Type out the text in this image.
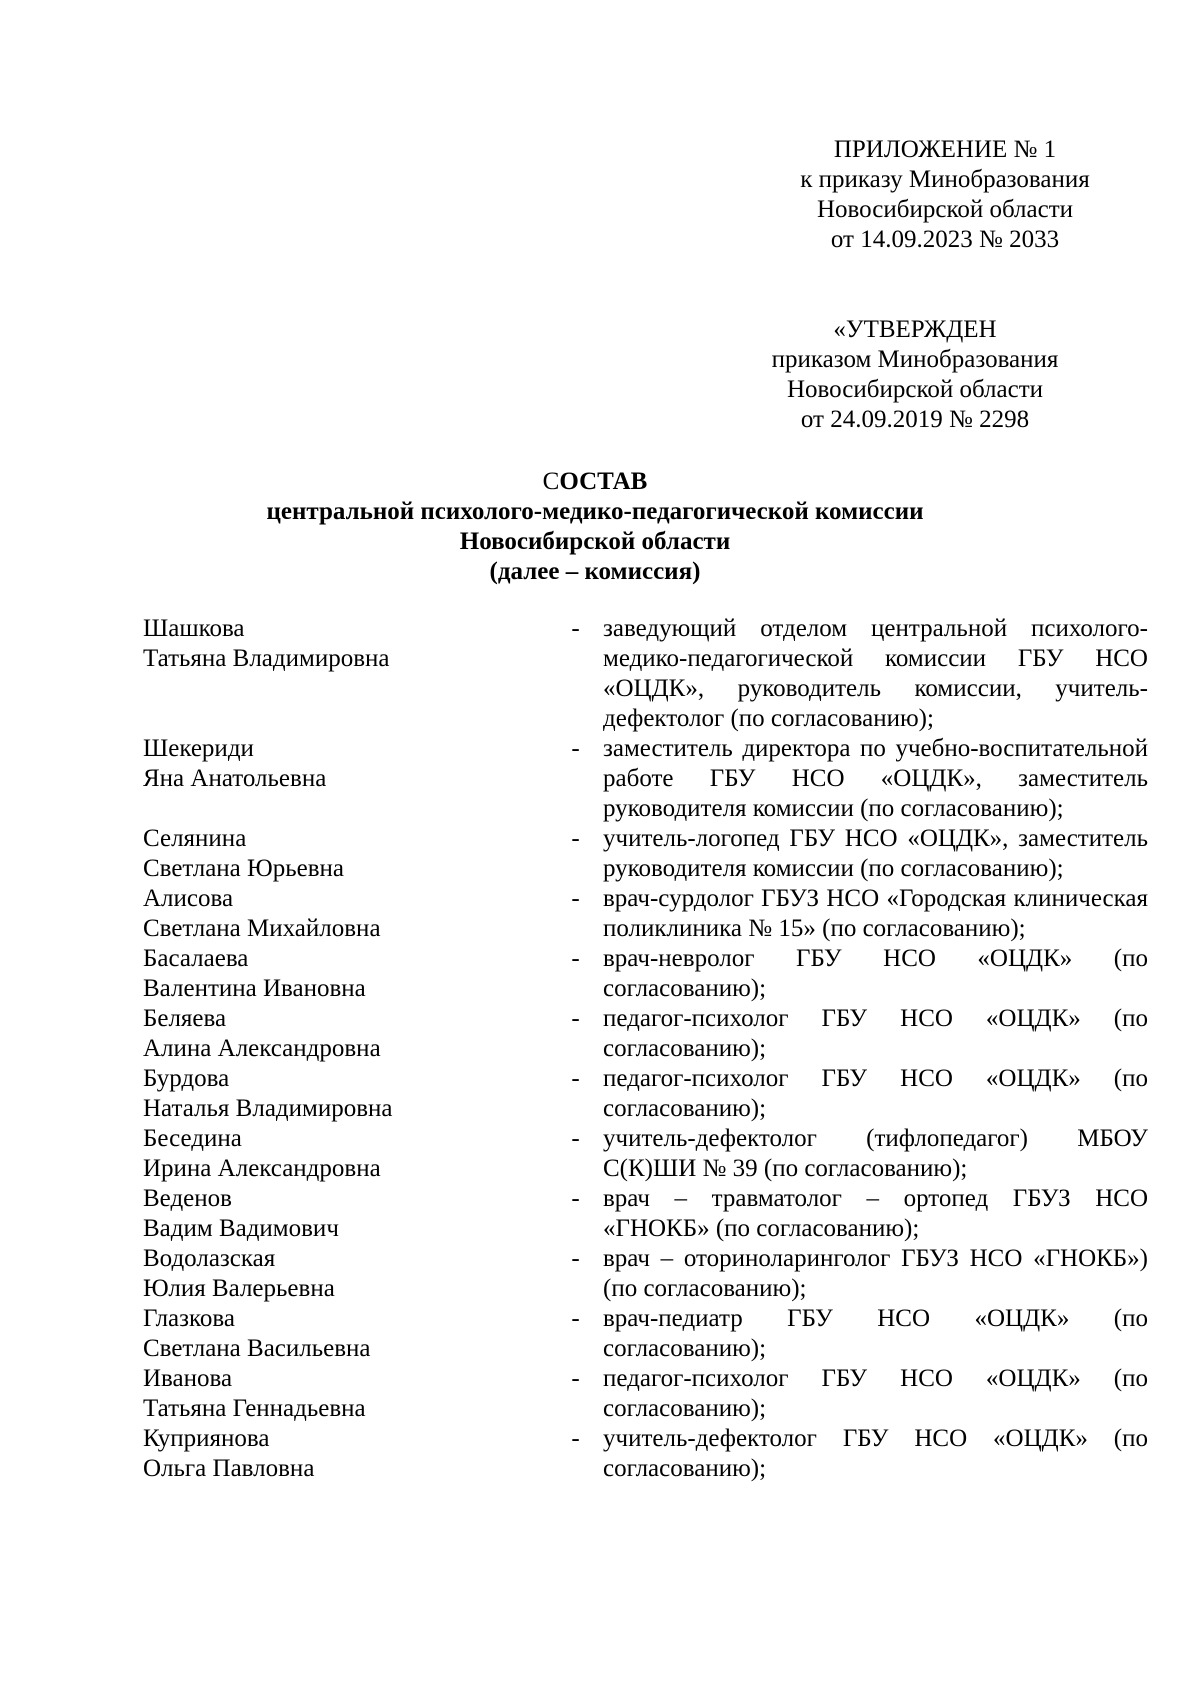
ПРИЛОЖЕНИЕ № 1
к приказу Минобразования
Новосибирской области
от 14.09.2023 № 2033
«УТВЕРЖДЕН
приказом Минобразования
Новосибирской области
от 24.09.2019 № 2298
СОСТАВ
центральной психолого-медико-педагогической комиссии
Новосибирской области
(далее – комиссия)
Шашкова
Татьяна Владимировна
- заведующий отделом центральной психолого-медико-педагогической комиссии ГБУ НСО «ОЦДК», руководитель комиссии, учитель-дефектолог (по согласованию);
Шекериди
Яна Анатольевна
- заместитель директора по учебно-воспитательной работе ГБУ НСО «ОЦДК», заместитель руководителя комиссии (по согласованию);
Селянина
Светлана Юрьевна
- учитель-логопед ГБУ НСО «ОЦДК», заместитель руководителя комиссии (по согласованию);
Алисова
Светлана Михайловна
- врач-сурдолог ГБУЗ НСО «Городская клиническая поликлиника № 15» (по согласованию);
Басалаева
Валентина Ивановна
- врач-невролог ГБУ НСО «ОЦДК» (по согласованию);
Беляева
Алина Александровна
- педагог-психолог ГБУ НСО «ОЦДК» (по согласованию);
Бурдова
Наталья Владимировна
- педагог-психолог ГБУ НСО «ОЦДК» (по согласованию);
Беседина
Ирина Александровна
- учитель-дефектолог (тифлопедагог) МБОУ С(К)ШИ № 39 (по согласованию);
Веденов
Вадим Вадимович
- врач – травматолог – ортопед ГБУЗ НСО «ГНОКБ» (по согласованию);
Водолазская
Юлия Валерьевна
- врач – оториноларинголог ГБУЗ НСО «ГНОКБ») (по согласованию);
Глазкова
Светлана Васильевна
- врач-педиатр ГБУ НСО «ОЦДК» (по согласованию);
Иванова
Татьяна Геннадьевна
- педагог-психолог ГБУ НСО «ОЦДК» (по согласованию);
Куприянова
Ольга Павловна
- учитель-дефектолог ГБУ НСО «ОЦДК» (по согласованию);
